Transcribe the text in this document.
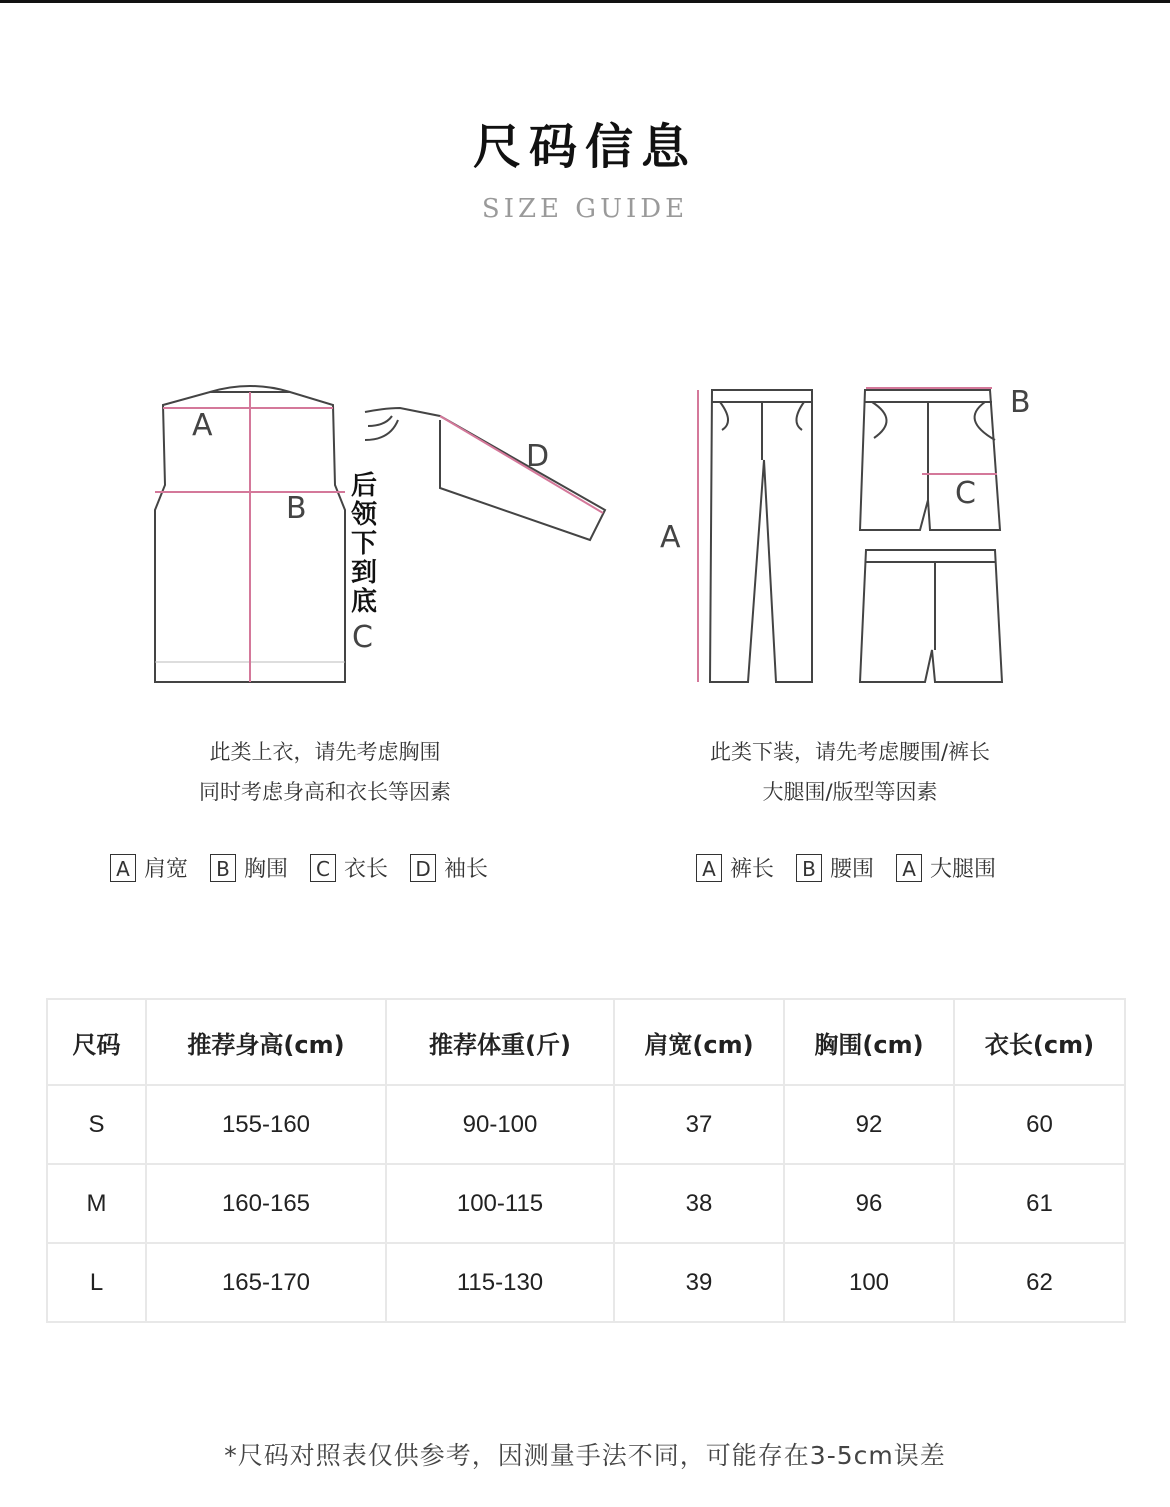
尺码信息
SIZE GUIDE
A
B
C
D
后
领
下
到
底
A
B
C
此类上衣，请先考虑胸围
同时考虑身高和衣长等因素
此类下装，请先考虑腰围/裤长
大腿围/版型等因素
A 肩宽	B 胸围	C 衣长 D 袖长	A 裤长	B 腰围	A 大腿围
尺码	推荐身高(cm)	推荐体重(斤)	肩宽(cm)	胸围(cm)	衣长(cm)
S	155-160	90-100	37	92	60
M	160-165	100-115	38	96	61
L	165-170	115-130	39	100	62
*尺码对照表仅供参考，因测量手法不同，可能存在3-5cm误差
